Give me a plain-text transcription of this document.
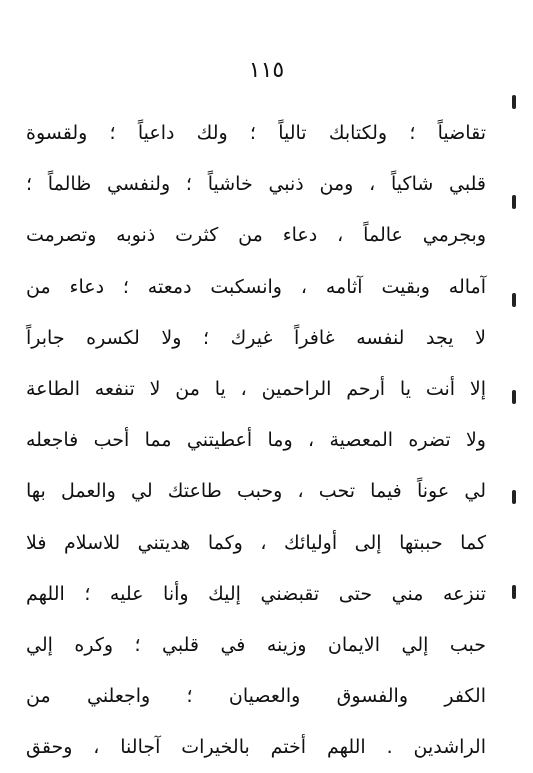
١١٥
تقاضياً ؛ ولكتابك تالياً ؛ ولك داعياً ؛ ولقسوة
قلبي شاكياً ، ومن ذنبي خاشياً ؛ ولنفسي ظالماً ؛
وبجرمي عالماً ، دعاء من كثرت ذنوبه وتصرمت
آماله وبقيت آثامه ، وانسكبت دمعته ؛ دعاء من
لا يجد لنفسه غافراً غيرك ؛ ولا لكسره جابراً
إلا أنت يا أرحم الراحمين ، يا من لا تنفعه الطاعة
ولا تضره المعصية ، وما أعطيتني مما أحب فاجعله
لي عوناً فيما تحب ، وحبب طاعتك لي والعمل بها
كما حببتها إلى أوليائك ، وكما هديتني للاسلام فلا
تنزعه مني حتى تقبضني إليك وأنا عليه ؛ اللهم
حبب إلي الايمان وزينه في قلبي ؛ وكره إلي
الكفر والفسوق والعصيان ؛ واجعلني من
الراشدين . اللهم أختم بالخيرات آجالنا ، وحقق
